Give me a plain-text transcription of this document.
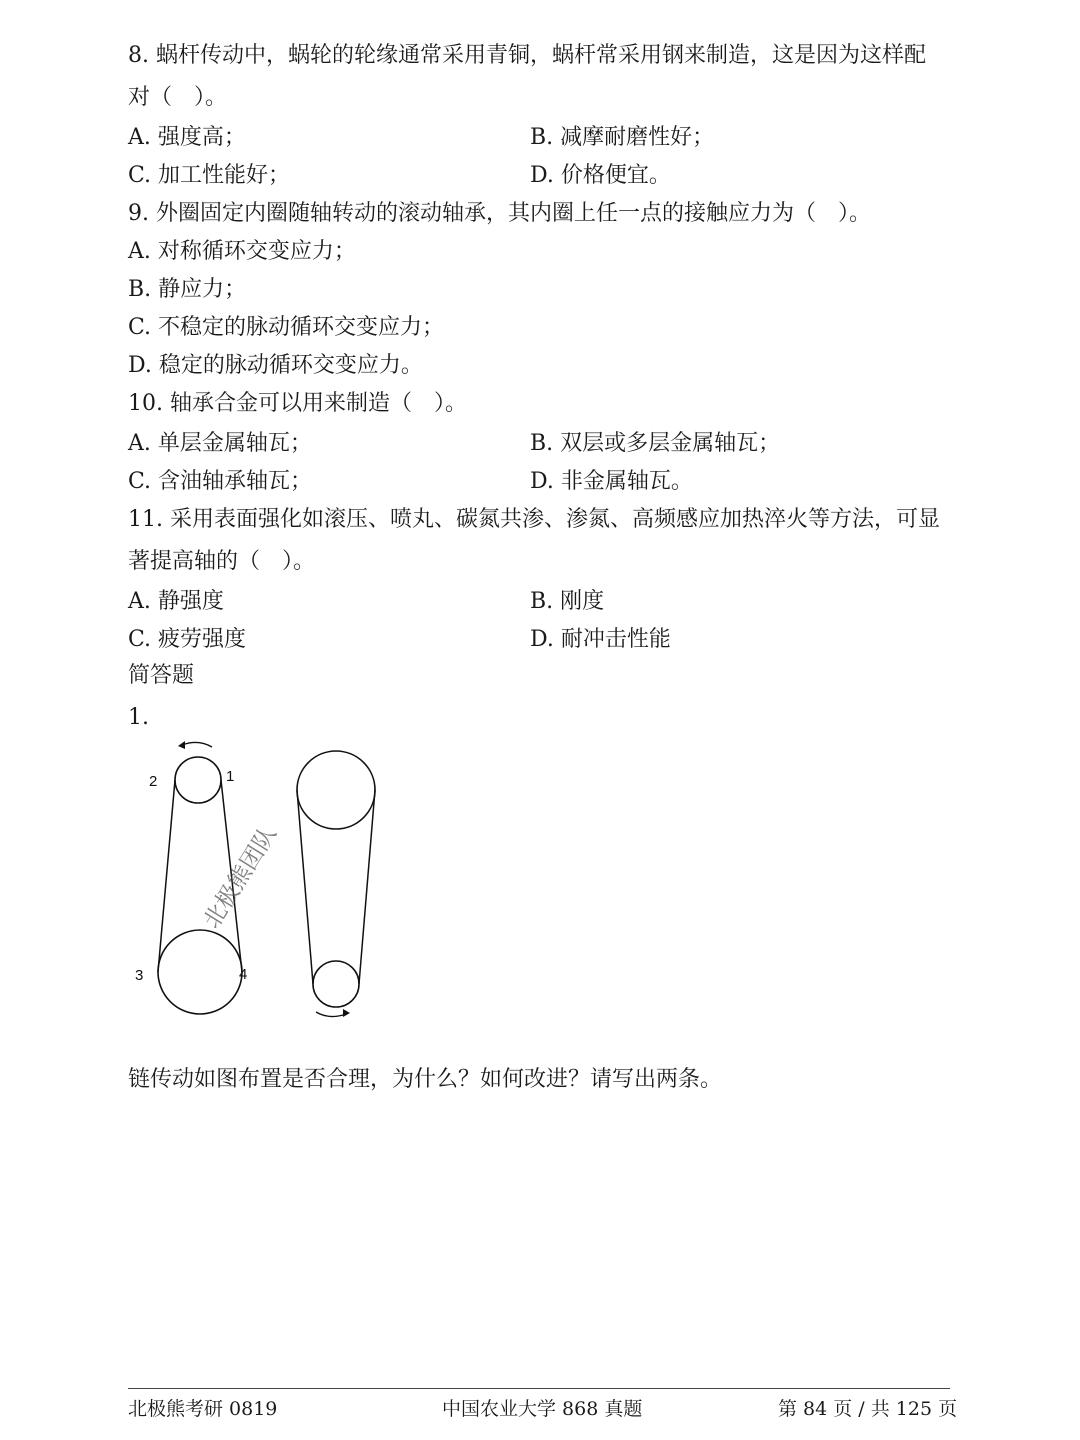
8. 蜗杆传动中，蜗轮的轮缘通常采用青铜，蜗杆常采用钢来制造，这是因为这样配
对（　）。
A. 强度高；	B. 减摩耐磨性好；
C. 加工性能好；	D. 价格便宜。
9. 外圈固定内圈随轴转动的滚动轴承，其内圈上任一点的接触应力为（　）。
A. 对称循环交变应力；
B. 静应力；
C. 不稳定的脉动循环交变应力；
D. 稳定的脉动循环交变应力。
10. 轴承合金可以用来制造（　）。
A. 单层金属轴瓦；	B. 双层或多层金属轴瓦；
C. 含油轴承轴瓦；	D. 非金属轴瓦。
11. 采用表面强化如滚压、喷丸、碳氮共渗、渗氮、高频感应加热淬火等方法，可显
著提高轴的（　）。
A. 静强度	B. 刚度
C. 疲劳强度	D. 耐冲击性能
简答题
1.
2	1
3	4
北极熊团队
链传动如图布置是否合理，为什么？如何改进？请写出两条。
北极熊考研 0819	中国农业大学 868 真题	第 84 页 / 共 125 页
